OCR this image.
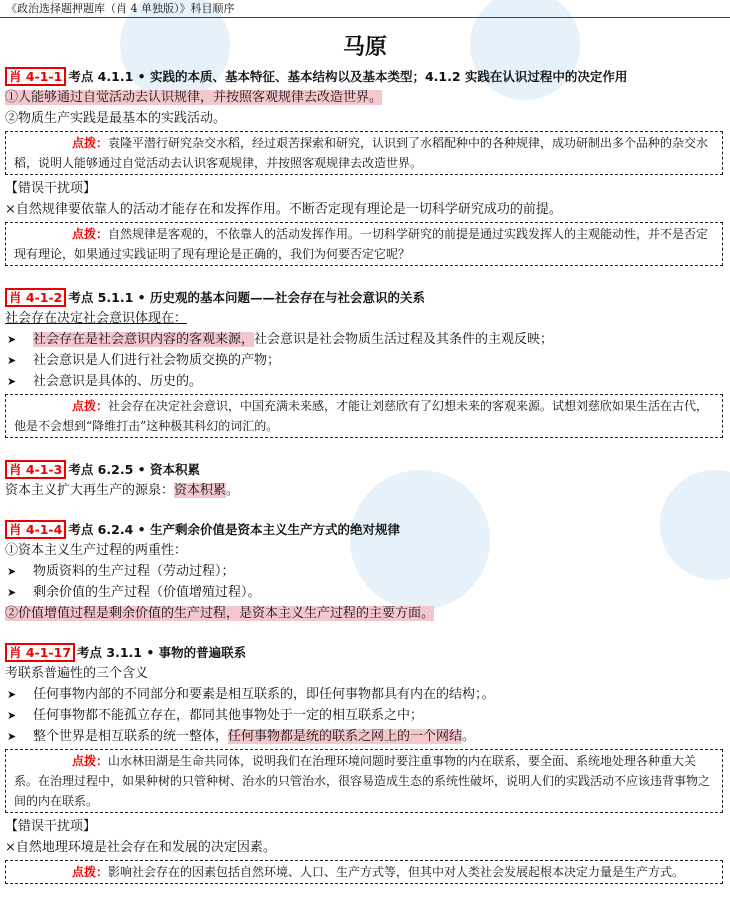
《政治选择题押题库（肖 4 单独版）》科目顺序
马原
肖 4-1-1 考点 4.1.1 • 实践的本质、基本特征、基本结构以及基本类型；4.1.2 实践在认识过程中的决定作用
①人能够通过自觉活动去认识规律，并按照客观规律去改造世界。
②物质生产实践是最基本的实践活动。
点拨：袁隆平潜行研究杂交水稻，经过艰苦探索和研究，认识到了水稻配种中的各种规律，成功研制出多个品种的杂交水稻，说明人能够通过自觉活动去认识客观规律，并按照客观规律去改造世界。
【错误干扰项】
×自然规律要依靠人的活动才能存在和发挥作用。不断否定现有理论是一切科学研究成功的前提。
点拨：自然规律是客观的，不依靠人的活动发挥作用。一切科学研究的前提是通过实践发挥人的主观能动性，并不是否定现有理论，如果通过实践证明了现有理论是正确的，我们为何要否定它呢？
肖 4-1-2 考点 5.1.1 • 历史观的基本问题——社会存在与社会意识的关系
社会存在决定社会意识体现在：
➤ 社会存在是社会意识内容的客观来源，社会意识是社会物质生活过程及其条件的主观反映；
➤ 社会意识是人们进行社会物质交换的产物；
➤ 社会意识是具体的、历史的。
点拨：社会存在决定社会意识，中国充满未来感，才能让刘慈欣有了幻想未来的客观来源。试想刘慈欣如果生活在古代，他是不会想到“降维打击”这种极其科幻的词汇的。
肖 4-1-3 考点 6.2.5 • 资本积累
资本主义扩大再生产的源泉：资本积累。
肖 4-1-4 考点 6.2.4 • 生产剩余价值是资本主义生产方式的绝对规律
①资本主义生产过程的两重性：
➤ 物质资料的生产过程（劳动过程）；
➤ 剩余价值的生产过程（价值增殖过程）。
②价值增值过程是剩余价值的生产过程，是资本主义生产过程的主要方面。
肖 4-1-17 考点 3.1.1 • 事物的普遍联系
考联系普遍性的三个含义
➤ 任何事物内部的不同部分和要素是相互联系的，即任何事物都具有内在的结构；。
➤ 任何事物都不能孤立存在，都同其他事物处于一定的相互联系之中；
➤ 整个世界是相互联系的统一整体，任何事物都是统的联系之网上的一个网结。
点拨：山水林田湖是生命共同体，说明我们在治理环境问题时要注重事物的内在联系，要全面、系统地处理各种重大关系。在治理过程中，如果种树的只管种树、治水的只管治水，很容易造成生态的系统性破坏，说明人们的实践活动不应该违背事物之间的内在联系。
【错误干扰项】
×自然地理环境是社会存在和发展的决定因素。
点拨：影响社会存在的因素包括自然环境、人口、生产方式等，但其中对人类社会发展起根本决定力量是生产方式。
